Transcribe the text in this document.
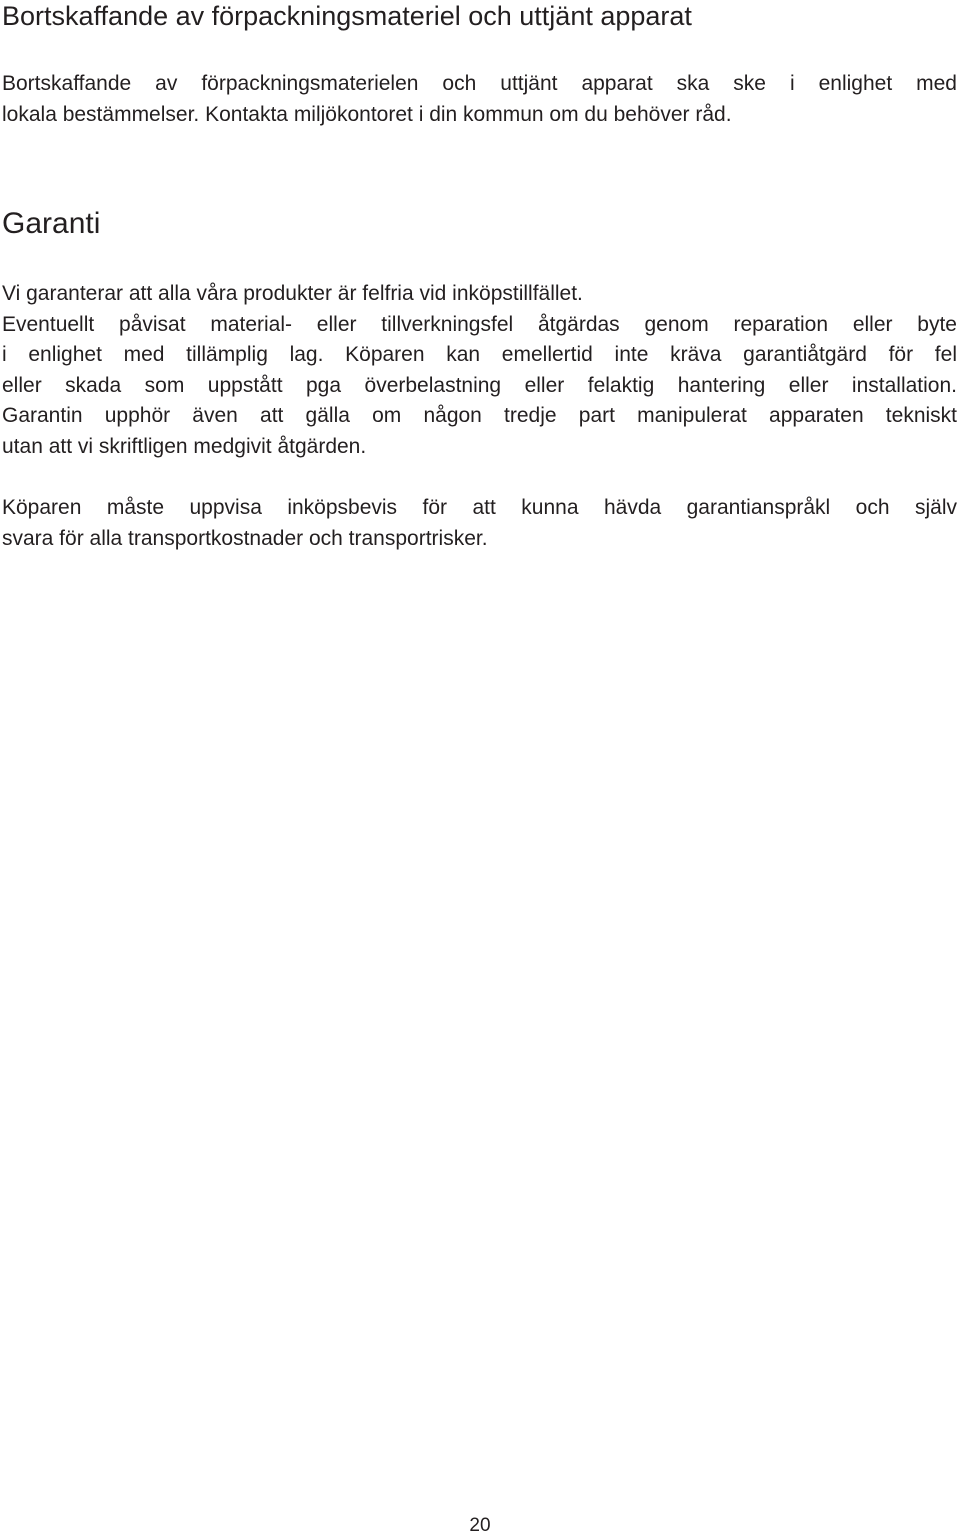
Bortskaffande av förpackningsmateriel och uttjänt apparat

Bortskaffande av förpackningsmaterielen och uttjänt apparat ska ske i enlighet med
lokala bestämmelser. Kontakta miljökontoret i din kommun om du behöver råd.

Garanti

Vi garanterar att alla våra produkter är felfria vid inköpstillfället.
Eventuellt påvisat material- eller tillverkningsfel åtgärdas genom reparation eller byte
i enlighet med tillämplig lag. Köparen kan emellertid inte kräva garantiåtgärd för fel
eller skada som uppstått pga överbelastning eller felaktig hantering eller installation.
Garantin upphör även att gälla om någon tredje part manipulerat apparaten tekniskt
utan att vi skriftligen medgivit åtgärden.

Köparen måste uppvisa inköpsbevis för att kunna hävda garantianspråkl och själv
svara för alla transportkostnader och transportrisker.

20
